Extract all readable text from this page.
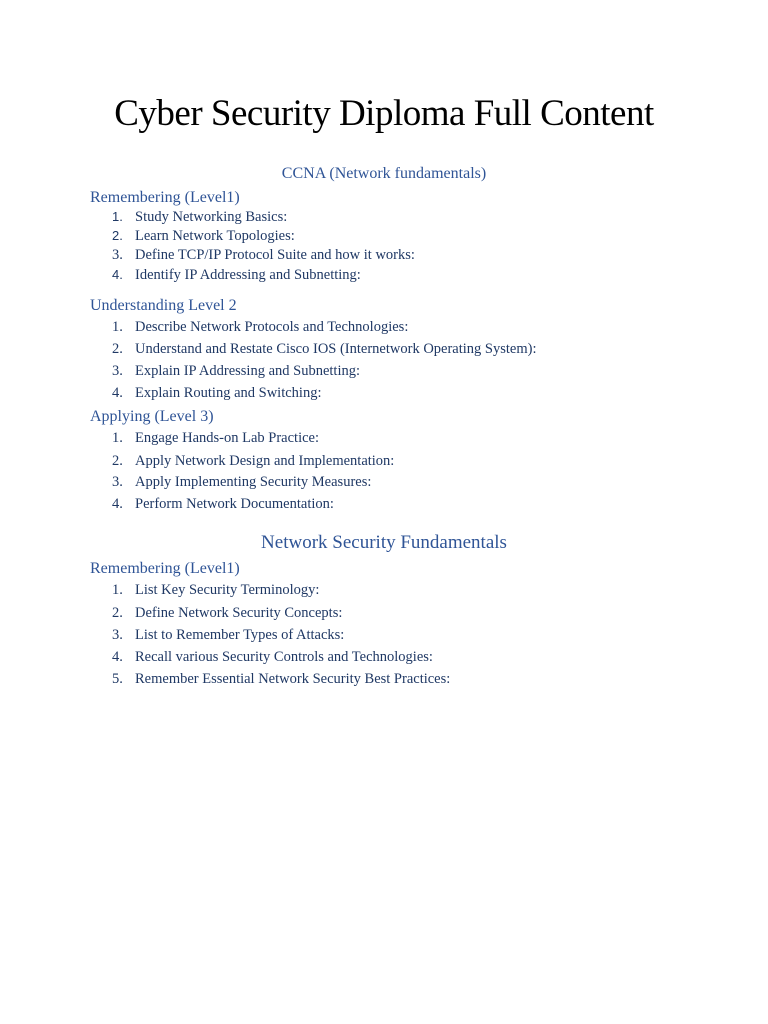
Cyber Security Diploma Full Content
CCNA (Network fundamentals)
Remembering (Level1)
1. Study Networking Basics:
2. Learn Network Topologies:
3. Define TCP/IP Protocol Suite and how it works:
4. Identify IP Addressing and Subnetting:
Understanding Level 2
1. Describe Network Protocols and Technologies:
2. Understand and Restate Cisco IOS (Internetwork Operating System):
3. Explain IP Addressing and Subnetting:
4. Explain Routing and Switching:
Applying (Level 3)
1. Engage Hands-on Lab Practice:
2. Apply Network Design and Implementation:
3. Apply Implementing Security Measures:
4. Perform Network Documentation:
Network Security Fundamentals
Remembering (Level1)
1. List Key Security Terminology:
2. Define Network Security Concepts:
3. List to Remember Types of Attacks:
4. Recall various Security Controls and Technologies:
5. Remember Essential Network Security Best Practices:
